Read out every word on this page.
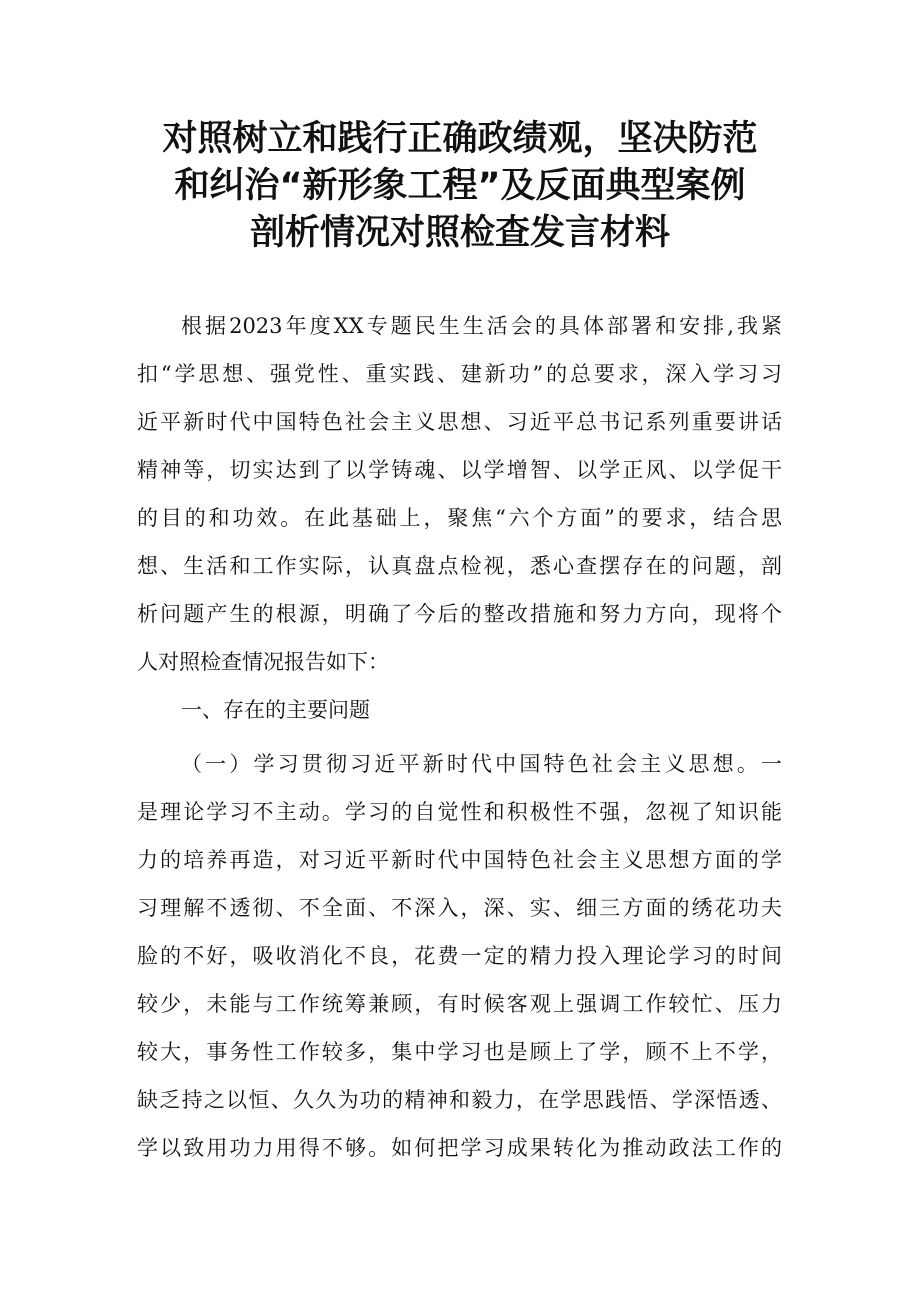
对照树立和践行正确政绩观，坚决防范
和纠治“新形象工程”及反面典型案例
剖析情况对照检查发言材料
根据2023年度XX专题民生生活会的具体部署和安排,我紧
扣“学思想、强党性、重实践、建新功”的总要求，深入学习习
近平新时代中国特色社会主义思想、习近平总书记系列重要讲话
精神等，切实达到了以学铸魂、以学增智、以学正风、以学促干
的目的和功效。在此基础上，聚焦“六个方面”的要求，结合思
想、生活和工作实际，认真盘点检视，悉心查摆存在的问题，剖
析问题产生的根源，明确了今后的整改措施和努力方向，现将个
人对照检查情况报告如下：
一、存在的主要问题
（一）学习贯彻习近平新时代中国特色社会主义思想。一
是理论学习不主动。学习的自觉性和积极性不强，忽视了知识能
力的培养再造，对习近平新时代中国特色社会主义思想方面的学
习理解不透彻、不全面、不深入，深、实、细三方面的绣花功夫
脸的不好，吸收消化不良，花费一定的精力投入理论学习的时间
较少，未能与工作统筹兼顾，有时候客观上强调工作较忙、压力
较大，事务性工作较多，集中学习也是顾上了学，顾不上不学，
缺乏持之以恒、久久为功的精神和毅力，在学思践悟、学深悟透、
学以致用功力用得不够。如何把学习成果转化为推动政法工作的
